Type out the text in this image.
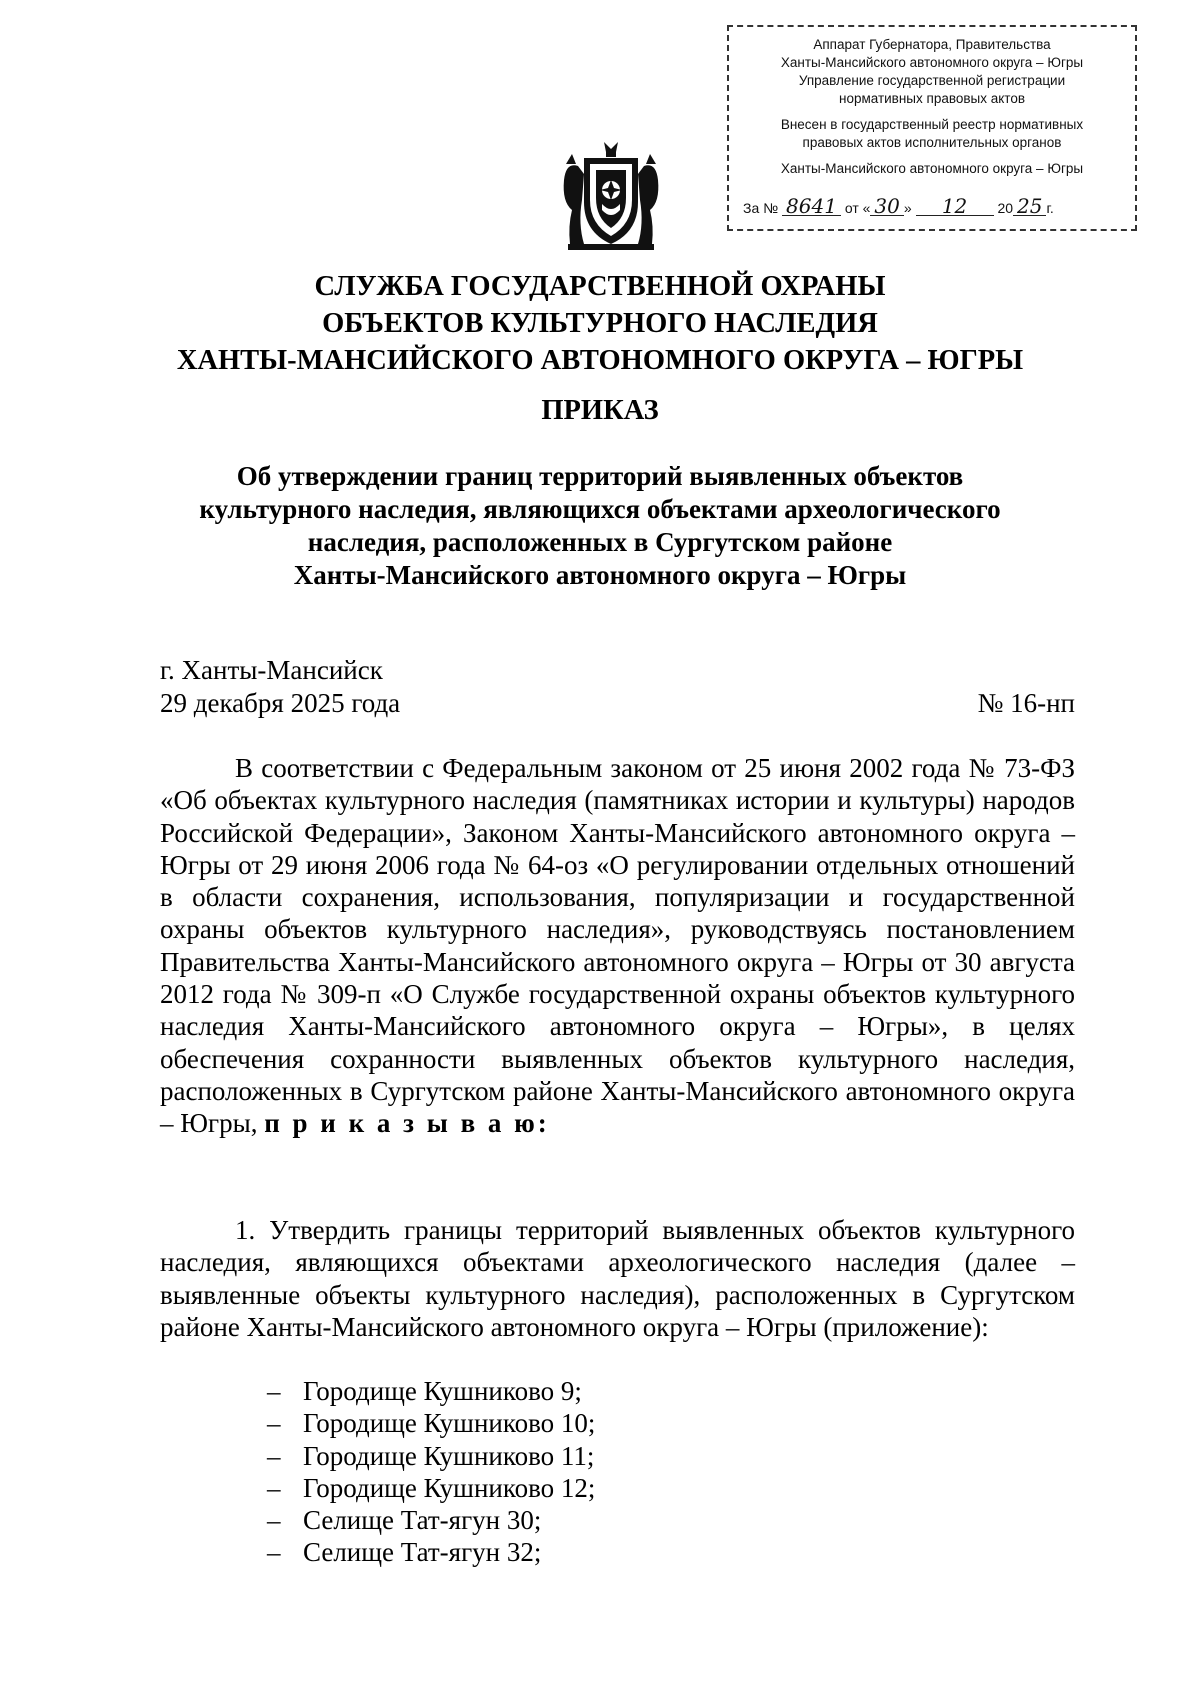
Аппарат Губернатора, Правительства
Ханты-Мансийского автономного округа – Югры
Управление государственной регистрации
нормативных правовых актов
Внесен в государственный реестр нормативных
правовых актов исполнительных органов
Ханты-Мансийского автономного округа – Югры
За № 8641 от « 30 » 12 20 25 г.
СЛУЖБА ГОСУДАРСТВЕННОЙ ОХРАНЫ
ОБЪЕКТОВ КУЛЬТУРНОГО НАСЛЕДИЯ
ХАНТЫ-МАНСИЙСКОГО АВТОНОМНОГО ОКРУГА – ЮГРЫ
ПРИКАЗ
Об утверждении границ территорий выявленных объектов
культурного наследия, являющихся объектами археологического
наследия, расположенных в Сургутском районе
Ханты-Мансийского автономного округа – Югры
г. Ханты-Мансийск
29 декабря 2025 года	№ 16-нп

В соответствии с Федеральным законом от 25 июня 2002 года № 73-ФЗ «Об объектах культурного наследия (памятниках истории и культуры) народов Российской Федерации», Законом Ханты-Мансийского автономного округа – Югры от 29 июня 2006 года № 64-оз «О регулировании отдельных отношений в области сохранения, использования, популяризации и государственной охраны объектов культурного наследия», руководствуясь постановлением Правительства Ханты-Мансийского автономного округа – Югры от 30 августа 2012 года № 309-п «О Службе государственной охраны объектов культурного наследия Ханты-Мансийского автономного округа – Югры», в целях обеспечения сохранности выявленных объектов культурного наследия, расположенных в Сургутском районе Ханты-Мансийского автономного округа – Югры, п р и к а з ы в а ю:

1. Утвердить границы территорий выявленных объектов культурного наследия, являющихся объектами археологического наследия (далее – выявленные объекты культурного наследия), расположенных в Сургутском районе Ханты-Мансийского автономного округа – Югры (приложение):

– Городище Кушниково 9;
– Городище Кушниково 10;
– Городище Кушниково 11;
– Городище Кушниково 12;
– Селище Тат-ягун 30;
– Селище Тат-ягун 32;
